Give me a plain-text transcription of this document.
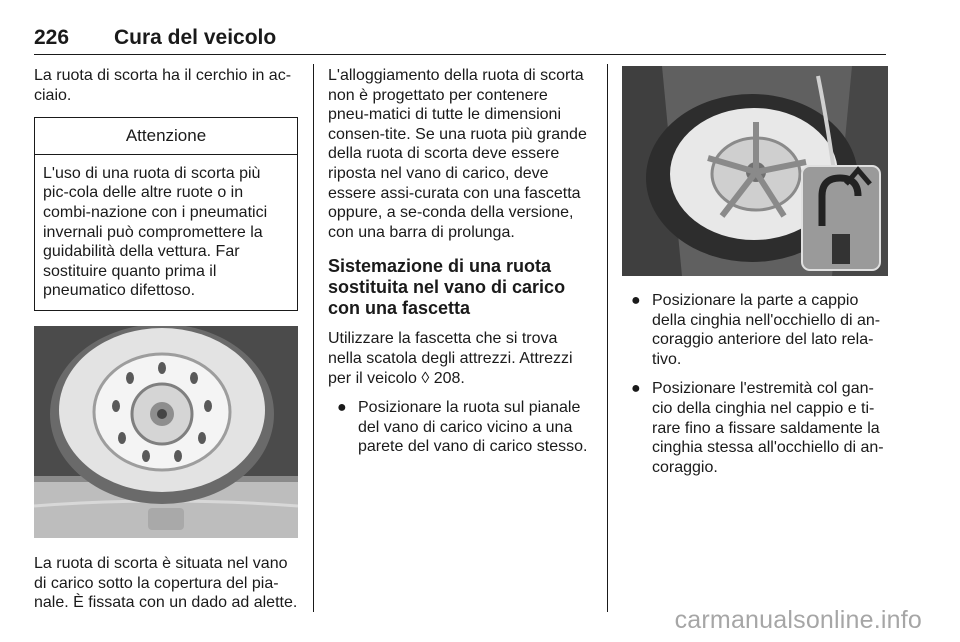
226 Cura del veicolo

La ruota di scorta ha il cerchio in ac-ciaio.

Attenzione
L'uso di una ruota di scorta più pic-cola delle altre ruote o in combi-nazione con i pneumatici invernali può compromettere la guidabilità della vettura. Far sostituire quanto prima il pneumatico difettoso.

La ruota di scorta è situata nel vano di carico sotto la copertura del pia-nale. È fissata con un dado ad alette.

L'alloggiamento della ruota di scorta non è progettato per contenere pneu-matici di tutte le dimensioni consen-tite. Se una ruota più grande della ruota di scorta deve essere riposta nel vano di carico, deve essere assi-curata con una fascetta oppure, a se-conda della versione, con una barra di prolunga.

Sistemazione di una ruota sostituita nel vano di carico con una fascetta

Utilizzare la fascetta che si trova nella scatola degli attrezzi. Attrezzi per il veicolo ◊ 208.

● Posizionare la ruota sul pianale del vano di carico vicino a una parete del vano di carico stesso.
● Posizionare la parte a cappio della cinghia nell'occhiello di an-coraggio anteriore del lato rela-tivo.
● Posizionare l'estremità col gan-cio della cinghia nel cappio e ti-rare fino a fissare saldamente la cinghia stessa all'occhiello di an-coraggio.
carmanualsonline.info
